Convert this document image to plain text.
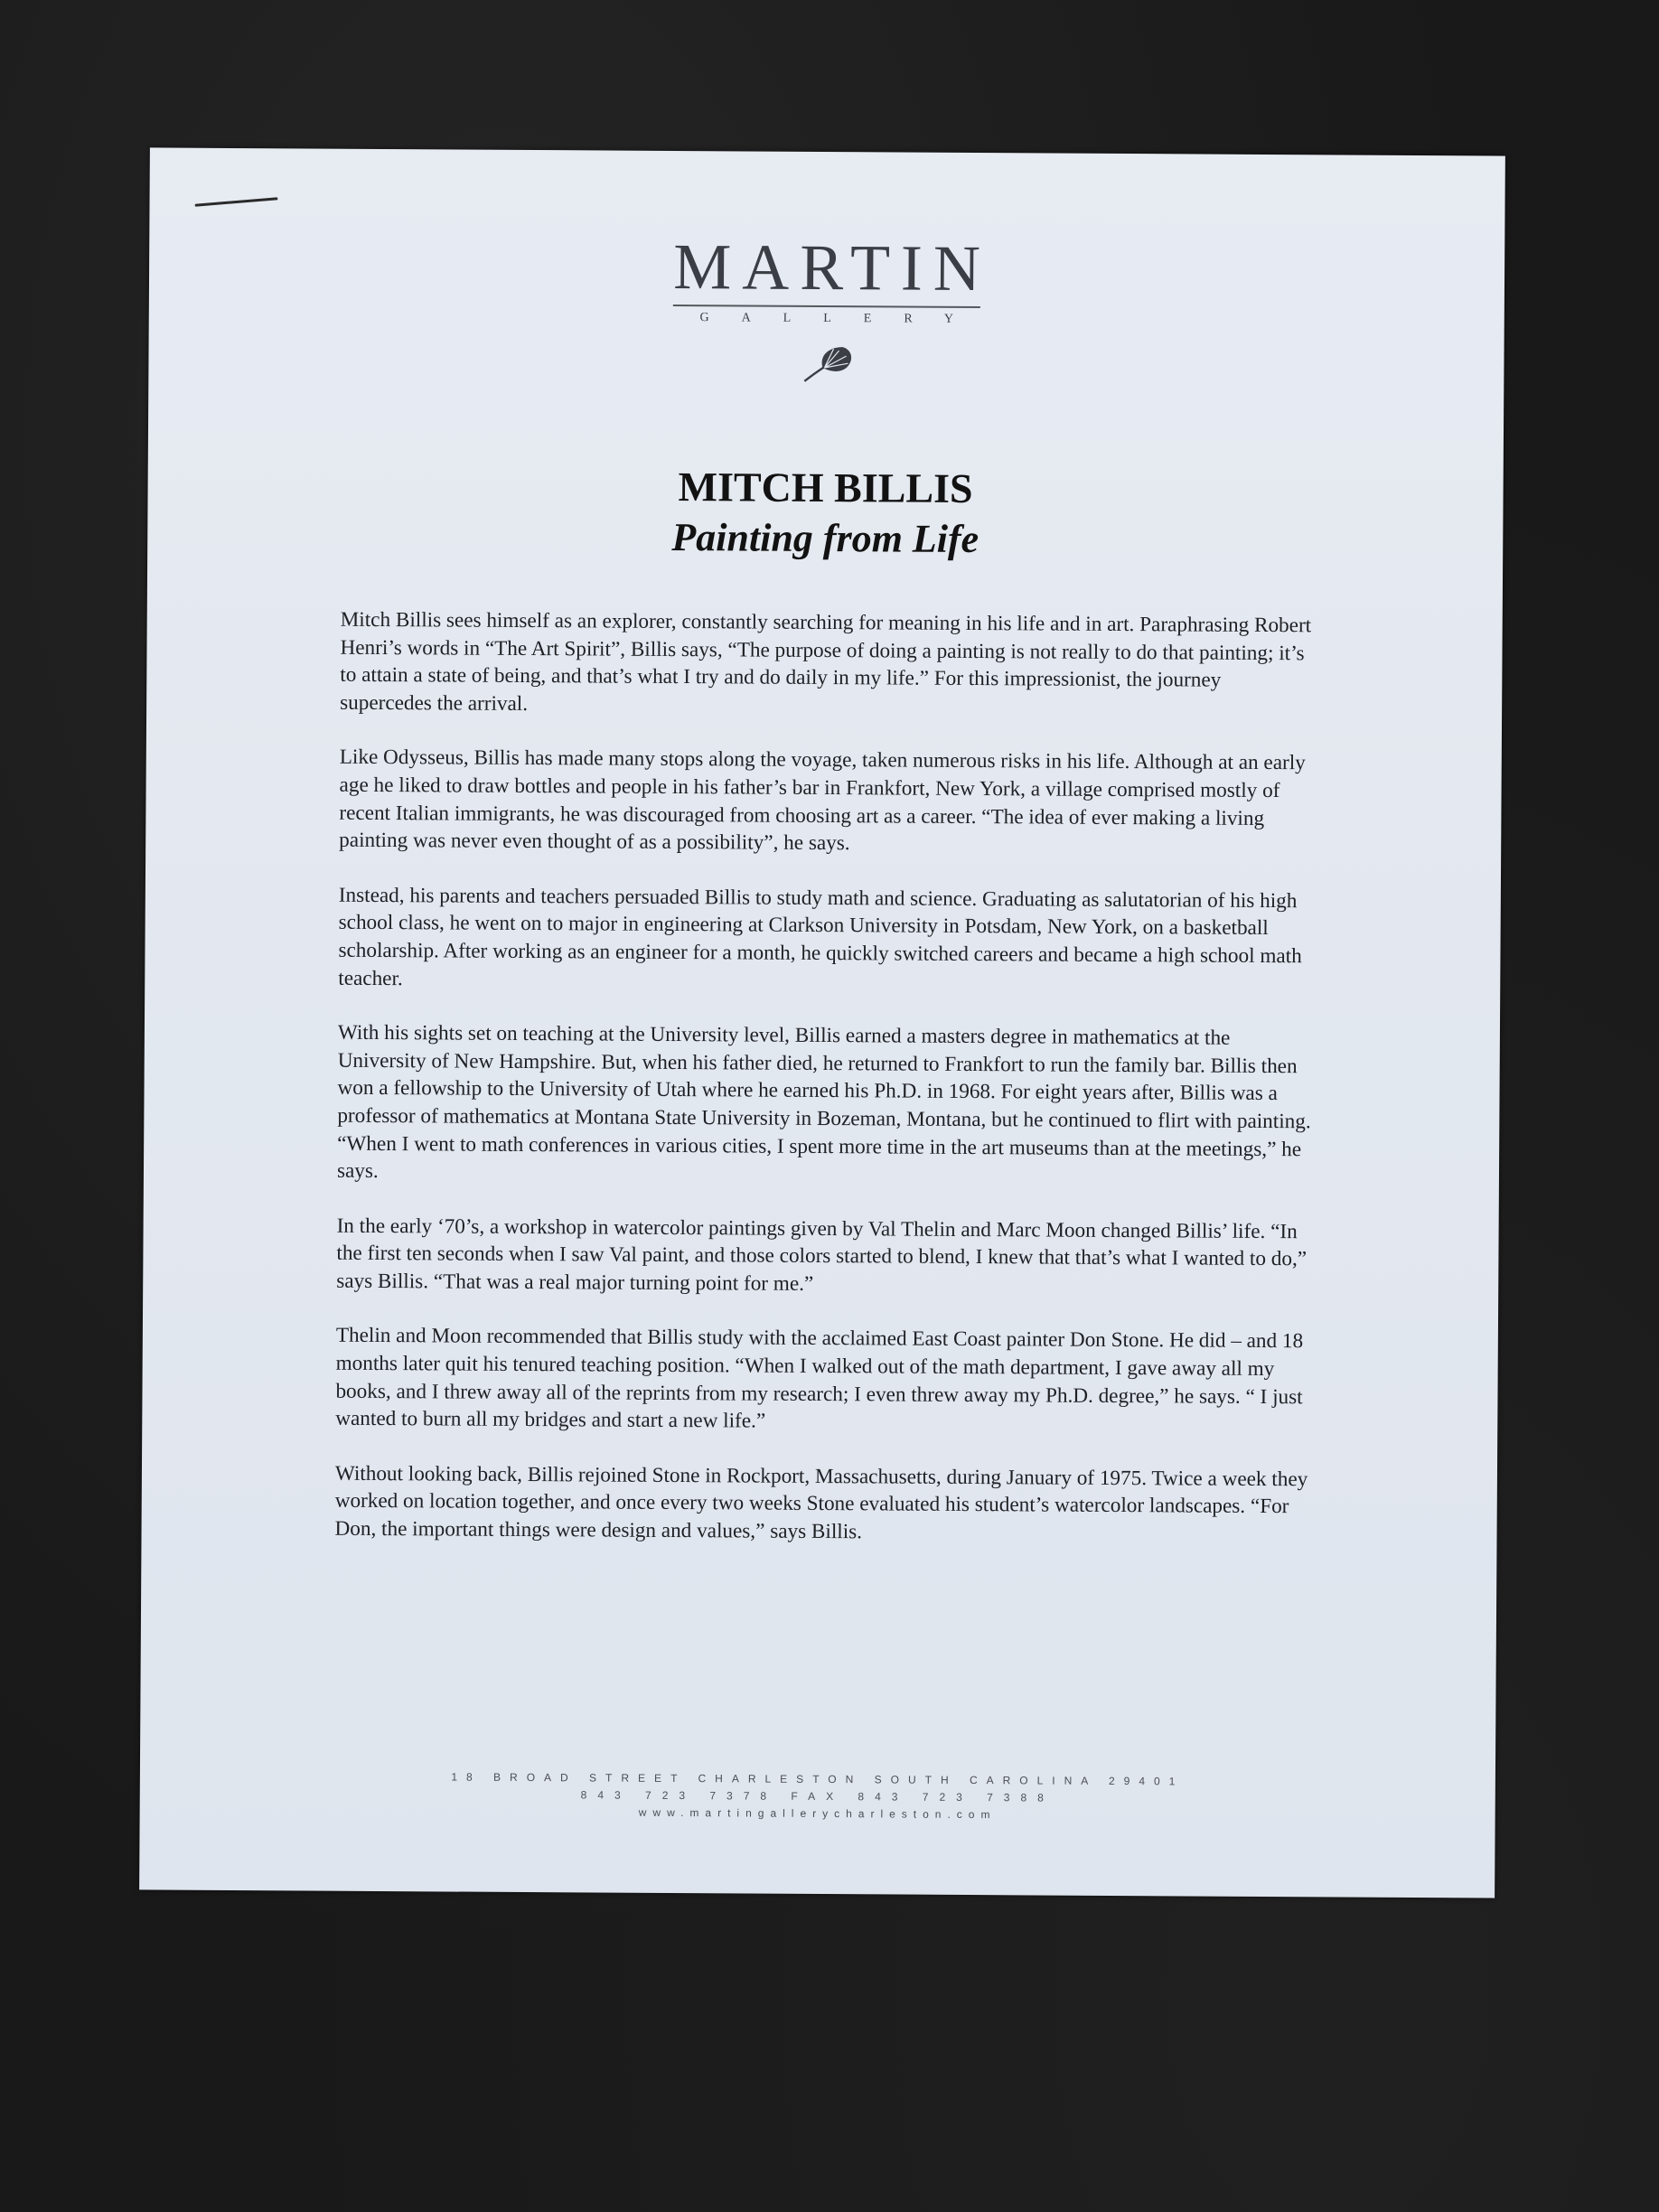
MARTIN
GALLERY
MITCH BILLIS
Painting from Life

Mitch Billis sees himself as an explorer, constantly searching for meaning in his life and in art. Paraphrasing Robert Henri’s words in “The Art Spirit”, Billis says, “The purpose of doing a painting is not really to do that painting; it’s to attain a state of being, and that’s what I try and do daily in my life.” For this impressionist, the journey supercedes the arrival.

Like Odysseus, Billis has made many stops along the voyage, taken numerous risks in his life. Although at an early age he liked to draw bottles and people in his father’s bar in Frankfort, New York, a village comprised mostly of recent Italian immigrants, he was discouraged from choosing art as a career. “The idea of ever making a living painting was never even thought of as a possibility”, he says.

Instead, his parents and teachers persuaded Billis to study math and science. Graduating as salutatorian of his high school class, he went on to major in engineering at Clarkson University in Potsdam, New York, on a basketball scholarship. After working as an engineer for a month, he quickly switched careers and became a high school math teacher.

With his sights set on teaching at the University level, Billis earned a masters degree in mathematics at the University of New Hampshire. But, when his father died, he returned to Frankfort to run the family bar. Billis then won a fellowship to the University of Utah where he earned his Ph.D. in 1968. For eight years after, Billis was a professor of mathematics at Montana State University in Bozeman, Montana, but he continued to flirt with painting. “When I went to math conferences in various cities, I spent more time in the art museums than at the meetings,” he says.

In the early ‘70’s, a workshop in watercolor paintings given by Val Thelin and Marc Moon changed Billis’ life. “In the first ten seconds when I saw Val paint, and those colors started to blend, I knew that that’s what I wanted to do,” says Billis. “That was a real major turning point for me.”

Thelin and Moon recommended that Billis study with the acclaimed East Coast painter Don Stone. He did – and 18 months later quit his tenured teaching position. “When I walked out of the math department, I gave away all my books, and I threw away all of the reprints from my research; I even threw away my Ph.D. degree,” he says. “ I just wanted to burn all my bridges and start a new life.”

Without looking back, Billis rejoined Stone in Rockport, Massachusetts, during January of 1975. Twice a week they worked on location together, and once every two weeks Stone evaluated his student’s watercolor landscapes. “For Don, the important things were design and values,” says Billis.

18 BROAD STREET CHARLESTON SOUTH CAROLINA 29401
843 723 7378 FAX 843 723 7388
www.martingallerycharleston.com
